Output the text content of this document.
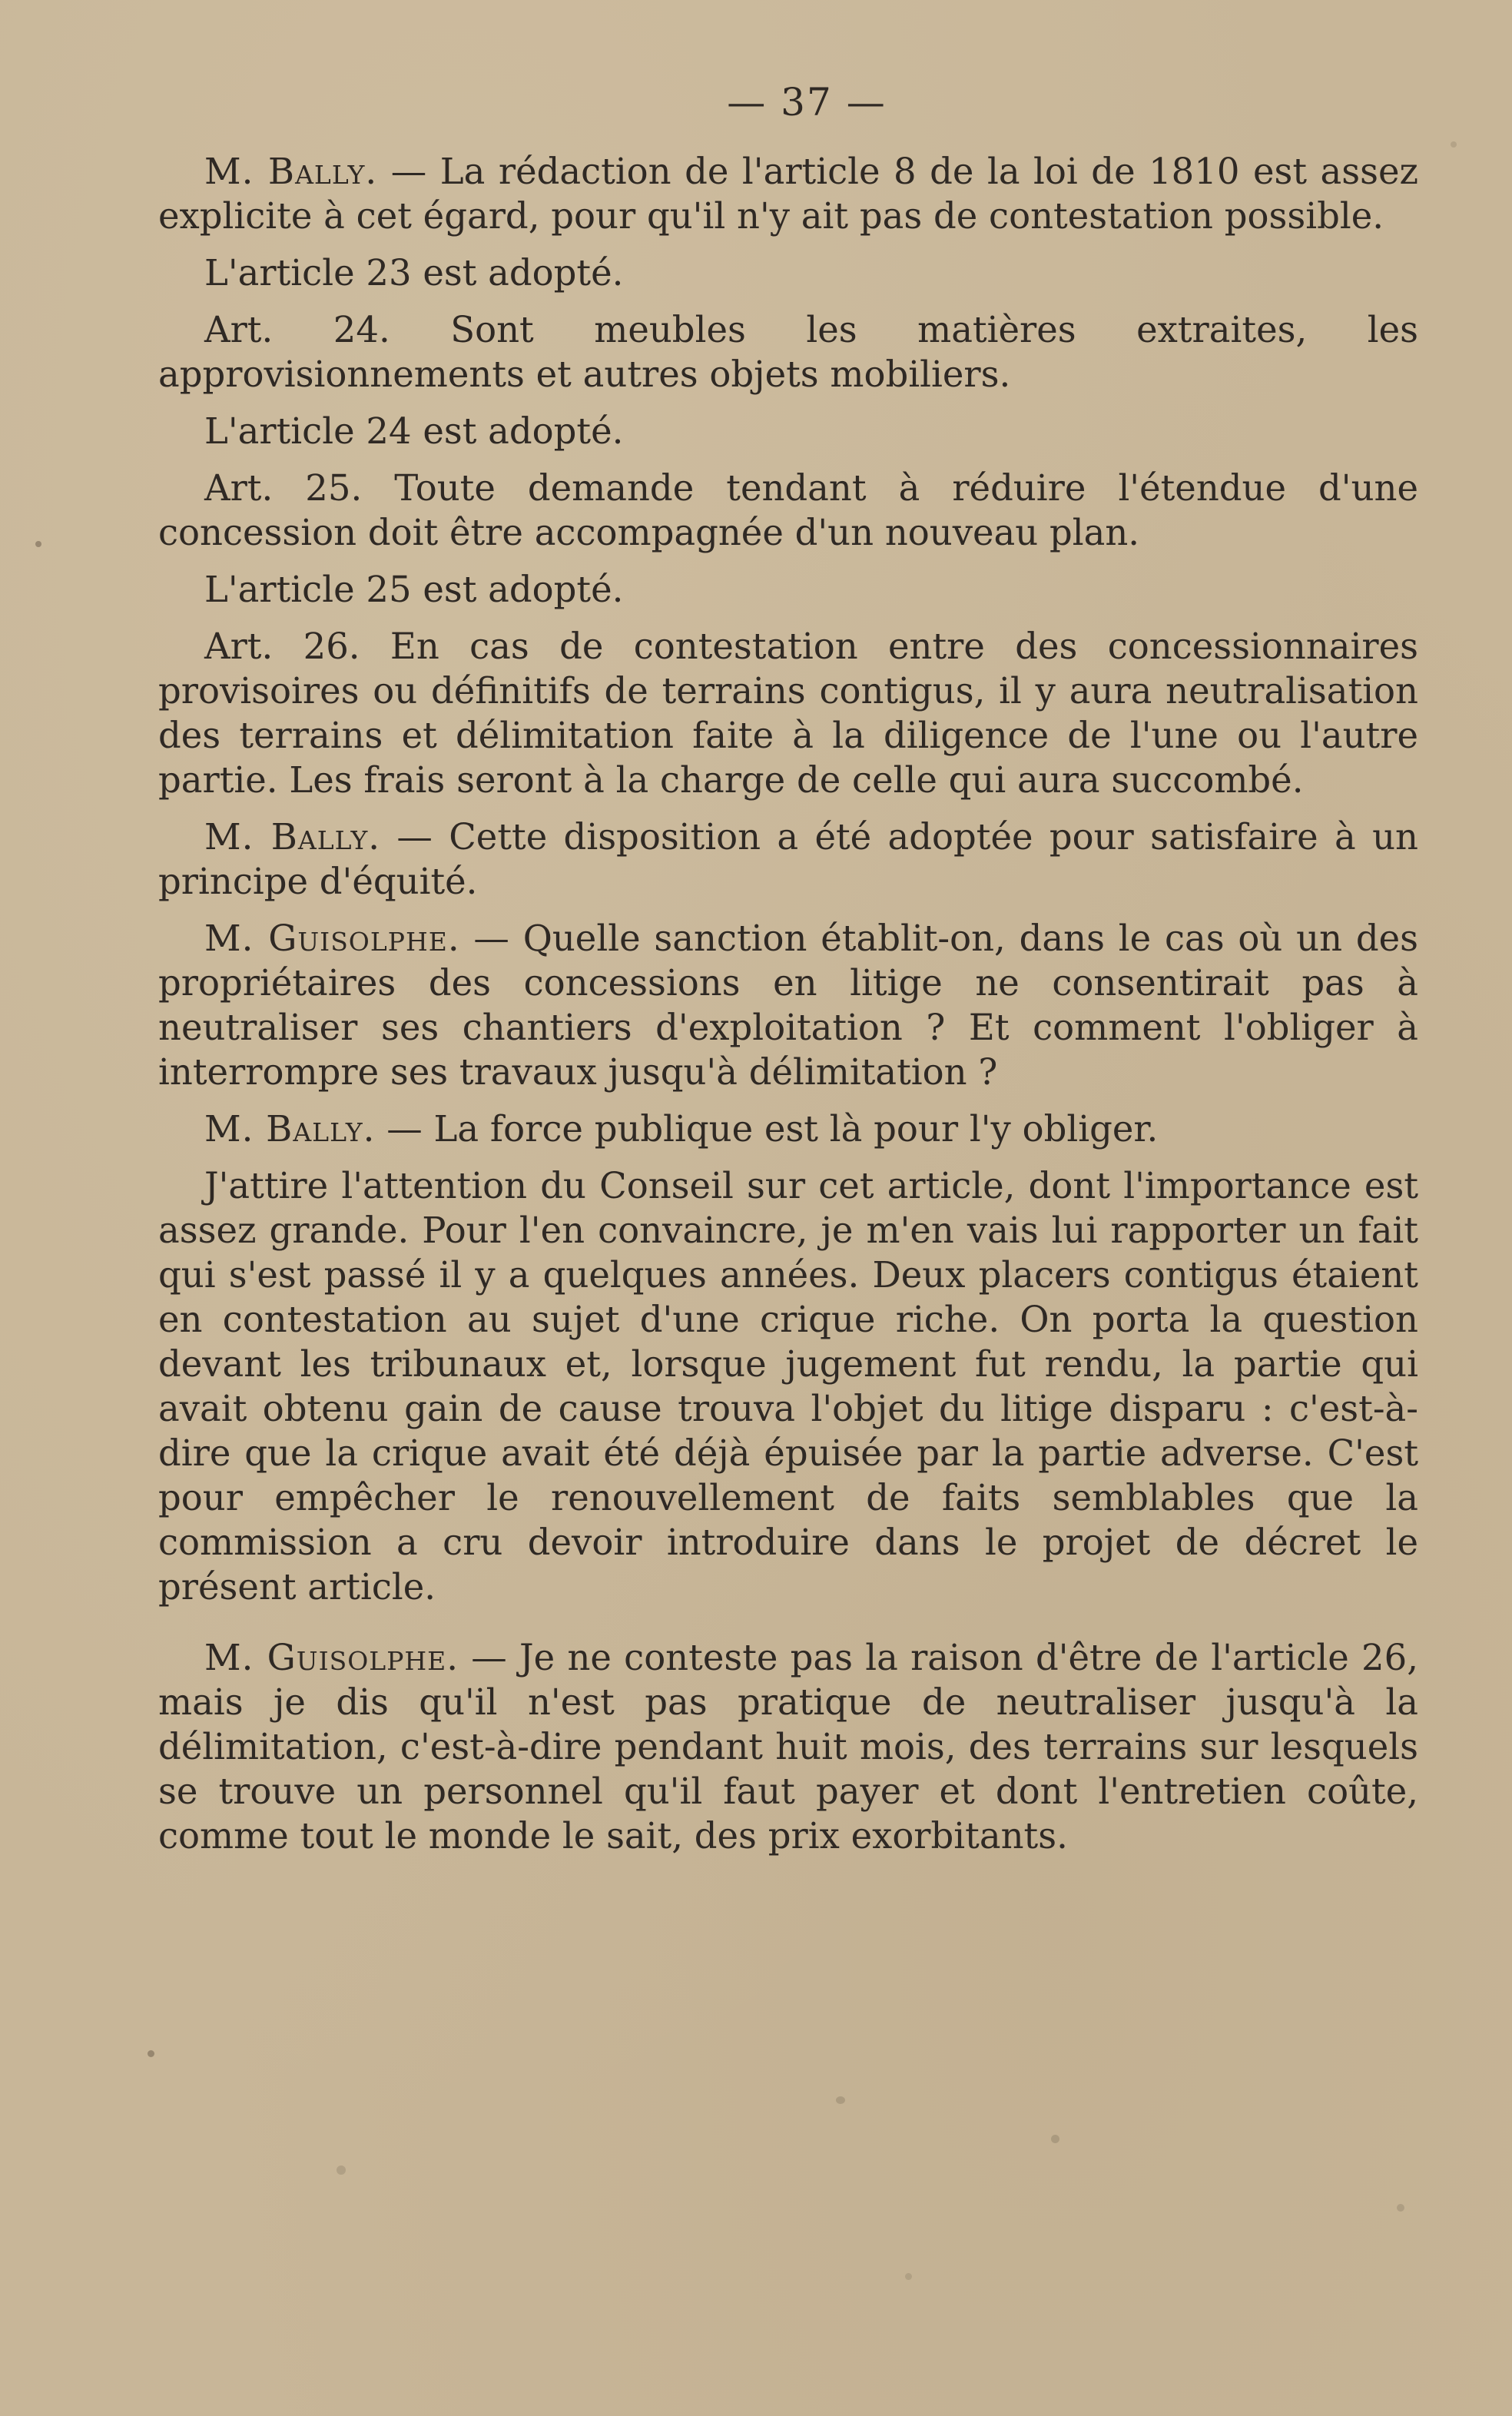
— 37 —

M. Bally. — La rédaction de l'article 8 de la loi de 1810 est assez explicite à cet égard, pour qu'il n'y ait pas de contestation possible.

L'article 23 est adopté.

Art. 24. Sont meubles les matières extraites, les approvisionnements et autres objets mobiliers.

L'article 24 est adopté.

Art. 25. Toute demande tendant à réduire l'étendue d'une concession doit être accompagnée d'un nouveau plan.

L'article 25 est adopté.

Art. 26. En cas de contestation entre des concessionnaires provisoires ou définitifs de terrains contigus, il y aura neutralisation des terrains et délimitation faite à la diligence de l'une ou l'autre partie. Les frais seront à la charge de celle qui aura succombé.

M. Bally. — Cette disposition a été adoptée pour satisfaire à un principe d'équité.

M. Guisolphe. — Quelle sanction établit-on, dans le cas où un des propriétaires des concessions en litige ne consentirait pas à neutraliser ses chantiers d'exploitation ? Et comment l'obliger à interrompre ses travaux jusqu'à délimitation ?

M. Bally. — La force publique est là pour l'y obliger.

J'attire l'attention du Conseil sur cet article, dont l'importance est assez grande. Pour l'en convaincre, je m'en vais lui rapporter un fait qui s'est passé il y a quelques années. Deux placers contigus étaient en contestation au sujet d'une crique riche. On porta la question devant les tribunaux et, lorsque jugement fut rendu, la partie qui avait obtenu gain de cause trouva l'objet du litige disparu : c'est-à-dire que la crique avait été déjà épuisée par la partie adverse. C'est pour empêcher le renouvellement de faits semblables que la commission a cru devoir introduire dans le projet de décret le présent article.

M. Guisolphe. — Je ne conteste pas la raison d'être de l'article 26, mais je dis qu'il n'est pas pratique de neutraliser jusqu'à la délimitation, c'est-à-dire pendant huit mois, des terrains sur lesquels se trouve un personnel qu'il faut payer et dont l'entretien coûte, comme tout le monde le sait, des prix exorbitants.
